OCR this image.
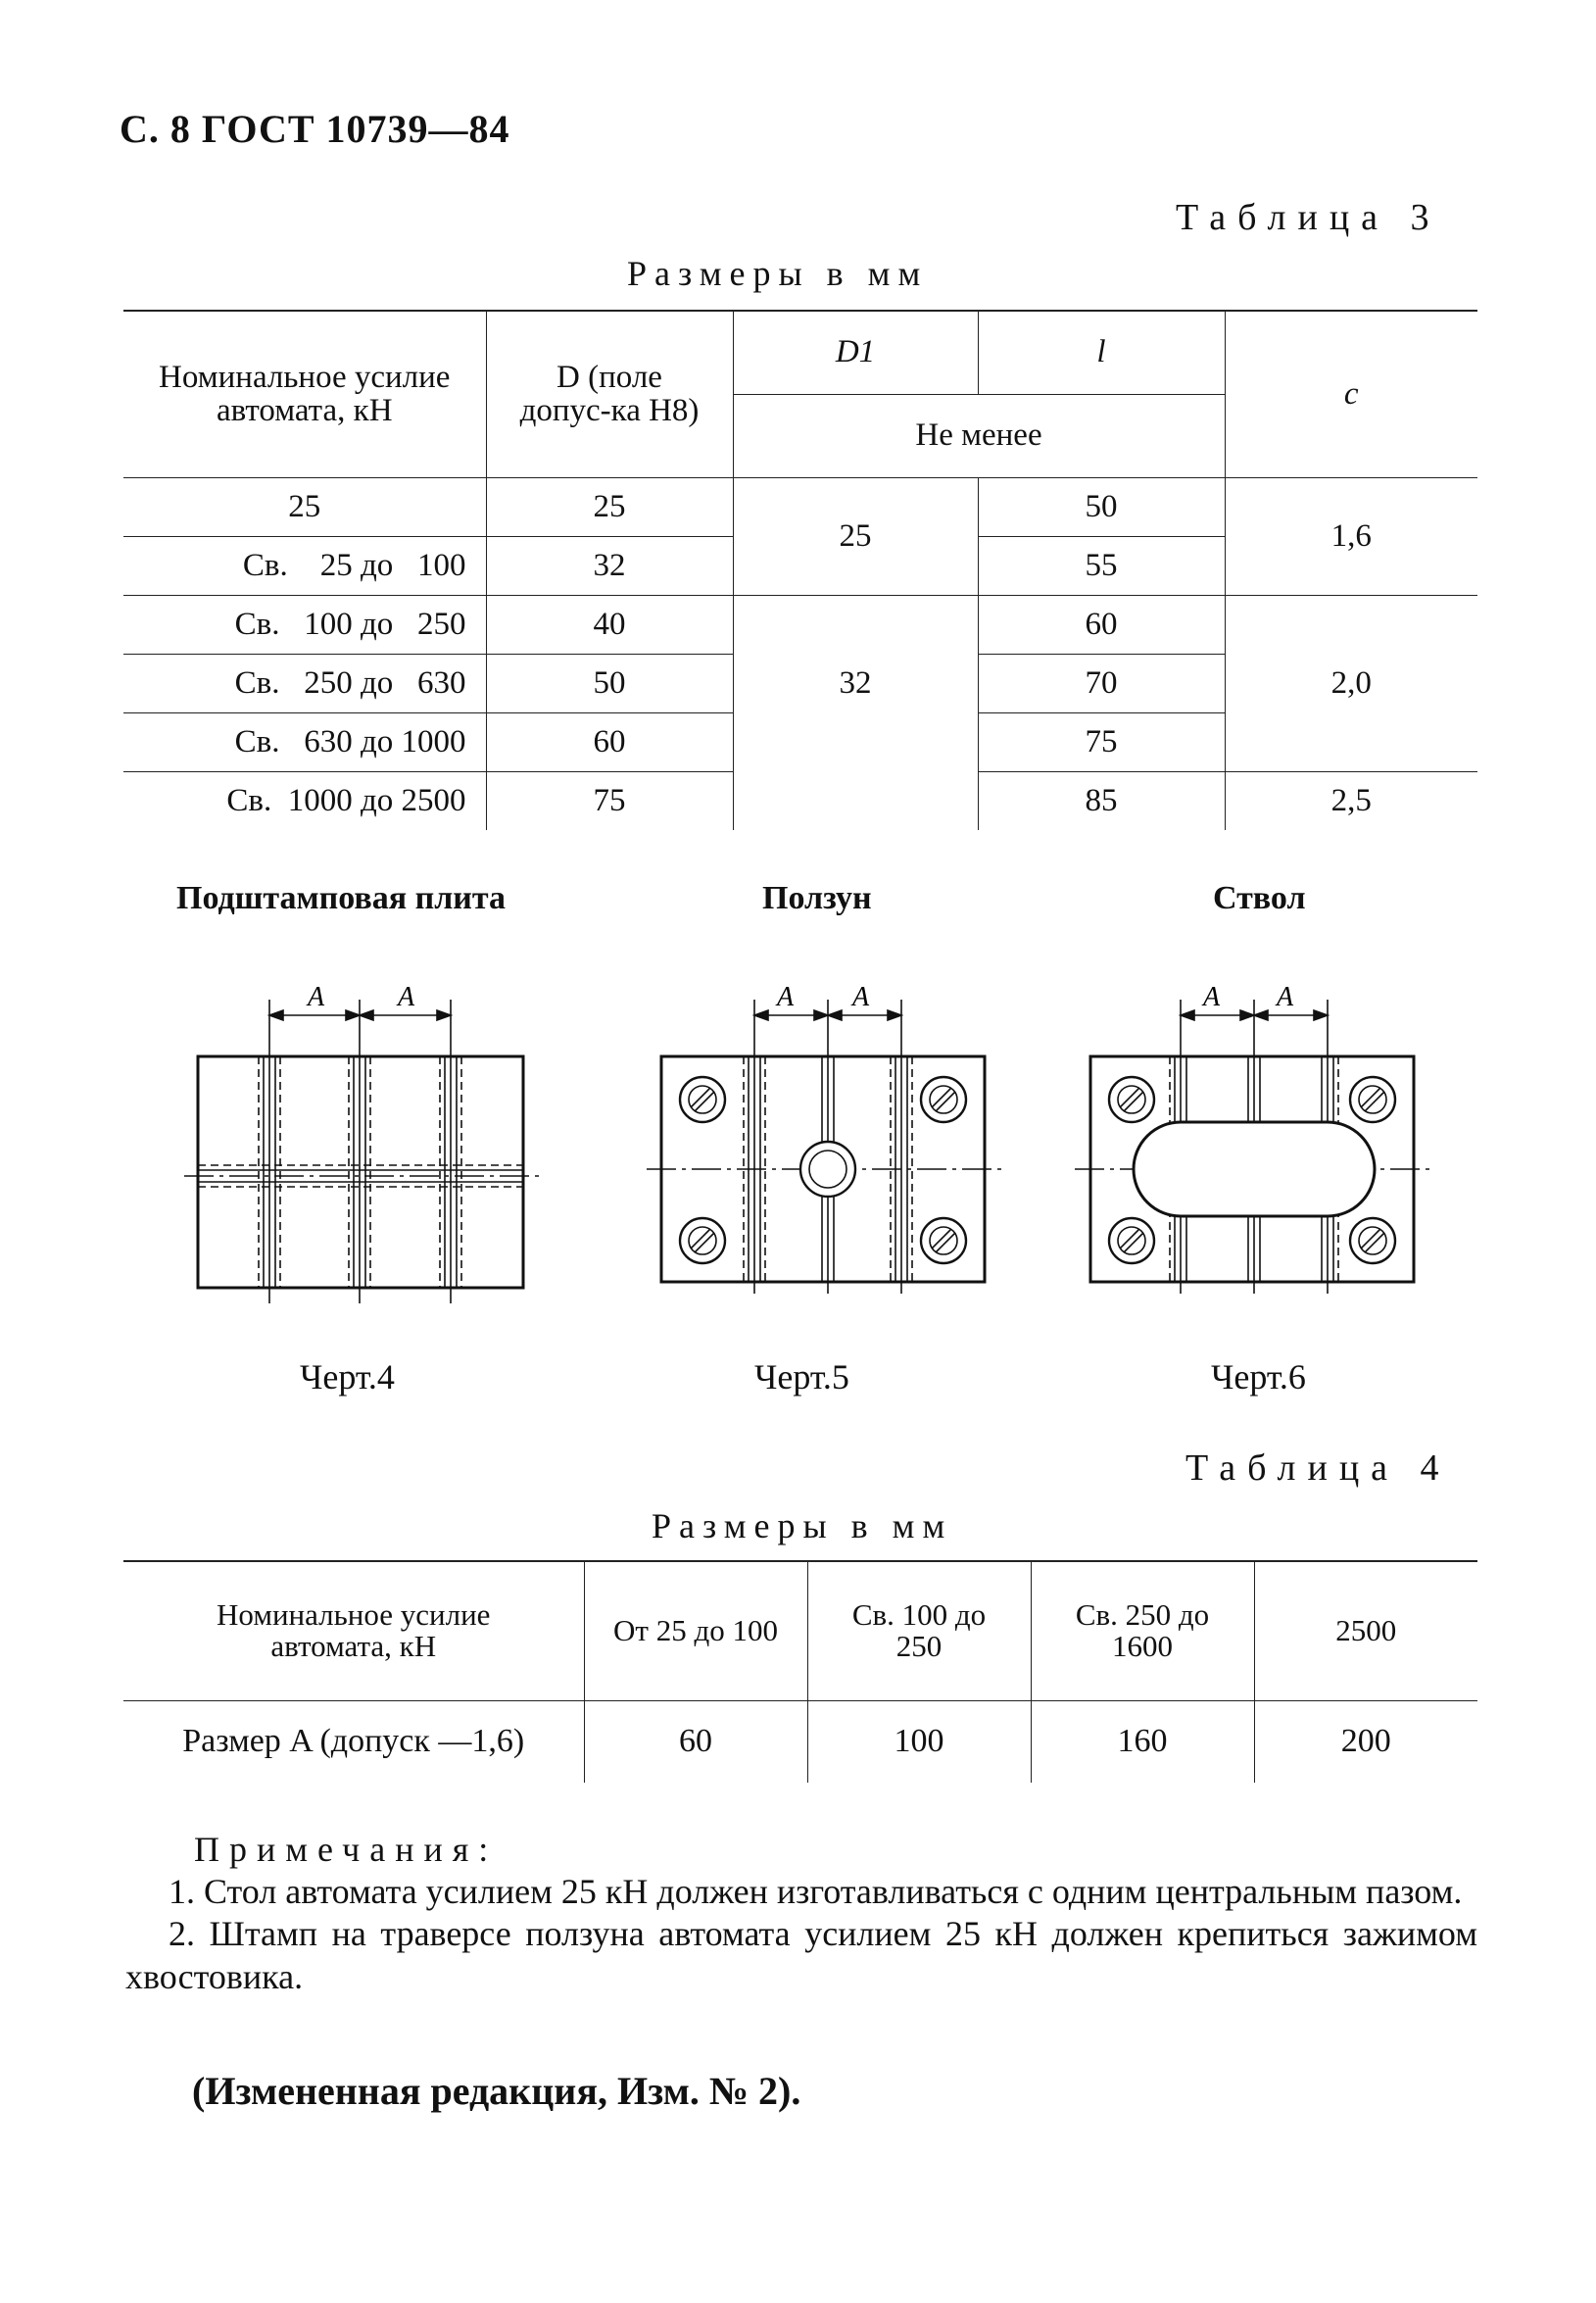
С. 8 ГОСТ 10739—84
Таблица 3
Размеры в мм
Номинальное усилие автомата, кН	D (поле допус-ка Н8)	D1	l	c
		Не менее		
25	25	25	50	1,6
Св.    25 до   100	32		55	
Св.   100 до   250	40	32	60	2,0
Св.   250 до   630	50		70	
Св.   630 до 1000	60		75	
Св.  1000 до 2500	75		85	2,5
Подштамповая плита	Ползун	Ствол
A	A	A A	A A
Черт.4	Черт.5	Черт.6
Таблица 4
Размеры в мм
Номинальное усилие автомата, кН	От 25 до 100	Св. 100 до 250	Св. 250 до 1600	2500
Размер A (допуск —1,6)	60	100	160	200
Примечания:
1. Стол автомата усилием 25 кН должен изготавливаться с одним центральным пазом.
2. Штамп на траверсе ползуна автомата усилием 25 кН должен крепиться зажимом хвостовика.
(Измененная редакция, Изм. № 2).
